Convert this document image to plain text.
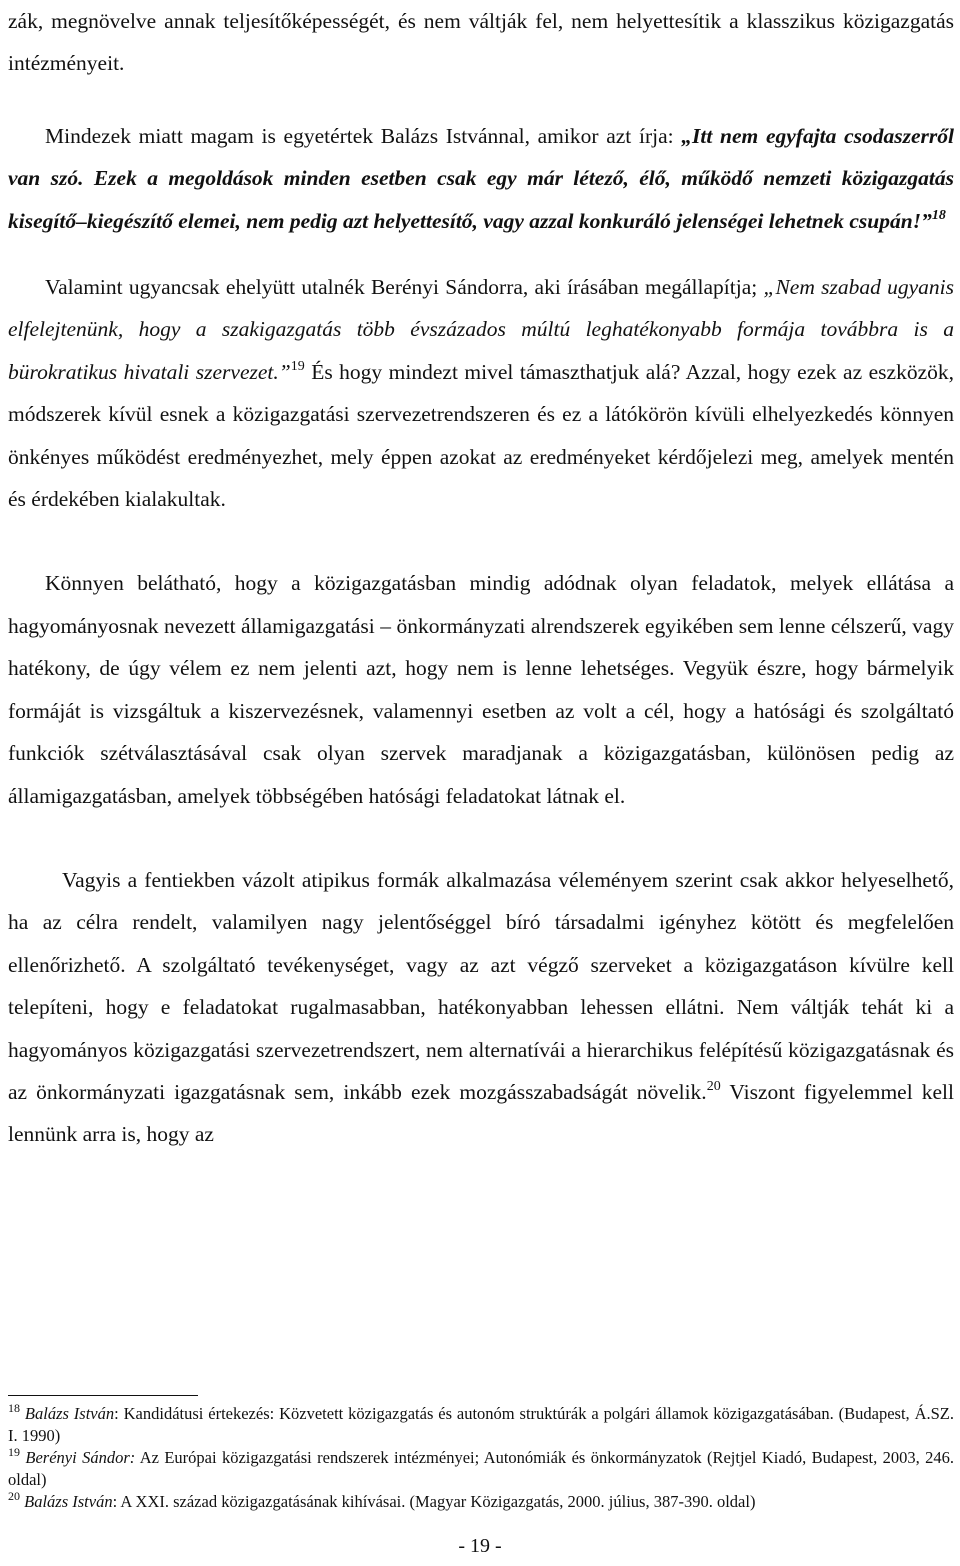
zák, megnövelve annak teljesítőképességét, és nem váltják fel, nem helyettesítik a klasszikus közigazgatás intézményeit.

Mindezek miatt magam is egyetértek Balázs Istvánnal, amikor azt írja: „Itt nem egyfajta csodaszerről van szó. Ezek a megoldások minden esetben csak egy már létező, élő, működő nemzeti közigazgatás kisegítő–kiegészítő elemei, nem pedig azt helyettesítő, vagy azzal konkuráló jelenségei lehetnek csupán!”$^{18}$

Valamint ugyancsak ehelyütt utalnék Berényi Sándorra, aki írásában megállapítja; „Nem szabad ugyanis elfelejtenünk, hogy a szakigazgatás több évszázados múltú leghatékonyabb formája továbbra is a bürokratikus hivatali szervezet.”$^{19}$ És hogy mindezt mivel támaszthatjuk alá? Azzal, hogy ezek az eszközök, módszerek kívül esnek a közigazgatási szervezetrendszeren és ez a látókörön kívüli elhelyezkedés könnyen önkényes működést eredményezhet, mely éppen azokat az eredményeket kérdőjelezi meg, amelyek mentén és érdekében kialakultak.

Könnyen belátható, hogy a közigazgatásban mindig adódnak olyan feladatok, melyek ellátása a hagyományosnak nevezett államigazgatási – önkormányzati alrendszerek egyikében sem lenne célszerű, vagy hatékony, de úgy vélem ez nem jelenti azt, hogy nem is lenne lehetséges. Vegyük észre, hogy bármelyik formáját is vizsgáltuk a kiszervezésnek, valamennyi esetben az volt a cél, hogy a hatósági és szolgáltató funkciók szétválasztásával csak olyan szervek maradjanak a közigazgatásban, különösen pedig az államigazgatásban, amelyek többségében hatósági feladatokat látnak el.

Vagyis a fentiekben vázolt atipikus formák alkalmazása véleményem szerint csak akkor helyeselhető, ha az célra rendelt, valamilyen nagy jelentőséggel bíró társadalmi igényhez kötött és megfelelően ellenőrizhető. A szolgáltató tevékenységet, vagy az azt végző szerveket a közigazgatáson kívülre kell telepíteni, hogy e feladatokat rugalmasabban, hatékonyabban lehessen ellátni. Nem váltják tehát ki a hagyományos közigazgatási szervezetrendszert, nem alternatívái a hierarchikus felépítésű közigazgatásnak és az önkormányzati igazgatásnak sem, inkább ezek mozgásszabadságát növelik.$^{20}$ Viszont figyelemmel kell lennünk arra is, hogy az

$^{18}$ Balázs István: Kandidátusi értekezés: Közvetett közigazgatás és autonóm struktúrák a polgári államok közigazgatásában. (Budapest, Á.SZ. I. 1990)

$^{19}$ Berényi Sándor: Az Európai közigazgatási rendszerek intézményei; Autonómiák és önkormányzatok (Rejtjel Kiadó, Budapest, 2003, 246. oldal)

$^{20}$ Balázs István: A XXI. század közigazgatásának kihívásai. (Magyar Közigazgatás, 2000. július, 387-390. oldal)

- 19 -
